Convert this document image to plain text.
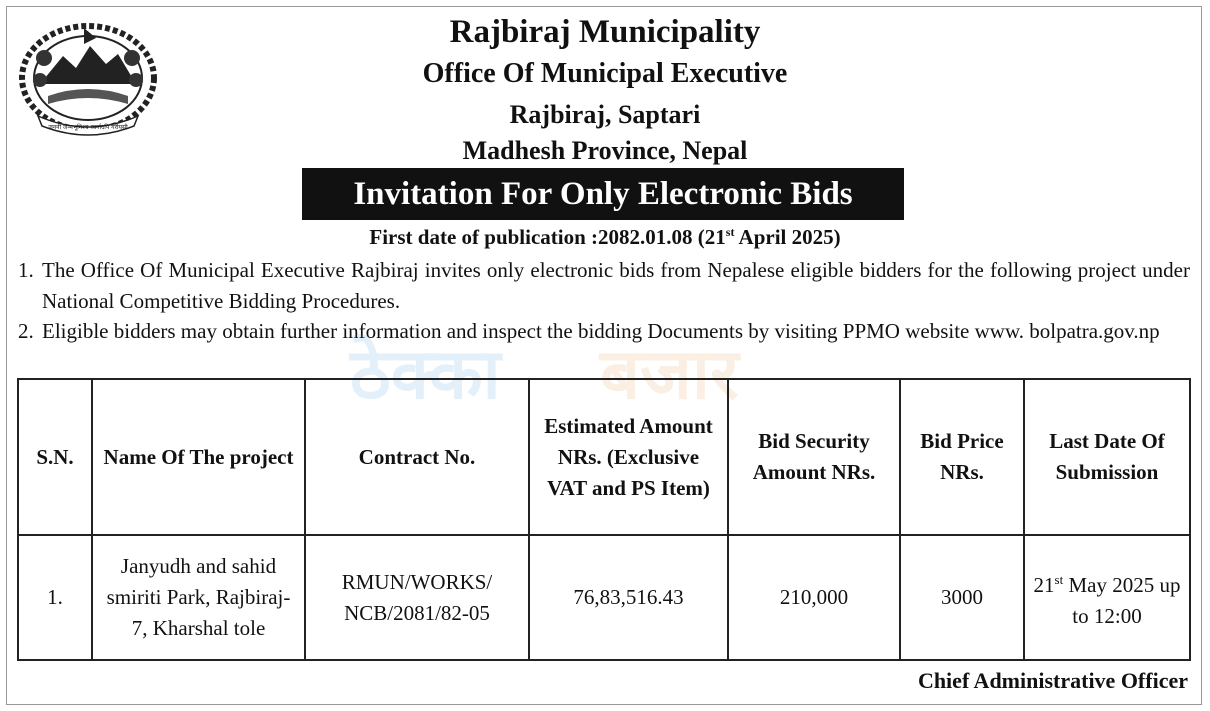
जननी जन्मभूमिश्च स्वर्गादपि गरीयसी
Rajbiraj Municipality
Office Of Municipal Executive
Rajbiraj, Saptari
Madhesh Province, Nepal
Invitation For Only Electronic Bids
First date of publication :2082.01.08 (21st April 2025)
1. The Office Of Municipal Executive Rajbiraj invites only electronic bids from Nepalese eligible bidders for the following project under National Competitive Bidding Procedures.
2. Eligible bidders may obtain further information and inspect the bidding Documents by visiting PPMO website www. bolpatra.gov.np
ठेक्का बजार
S.N.	Name Of The project	Contract No.	Estimated Amount NRs. (Exclusive VAT and PS Item)	Bid Security Amount NRs.	Bid Price NRs.	Last Date Of Submission
1.	Janyudh and sahid smiriti Park, Rajbiraj-7, Kharshal tole	RMUN/WORKS/ NCB/2081/82-05	76,83,516.43	210,000	3000	21st May 2025 up to 12:00
Chief Administrative Officer
